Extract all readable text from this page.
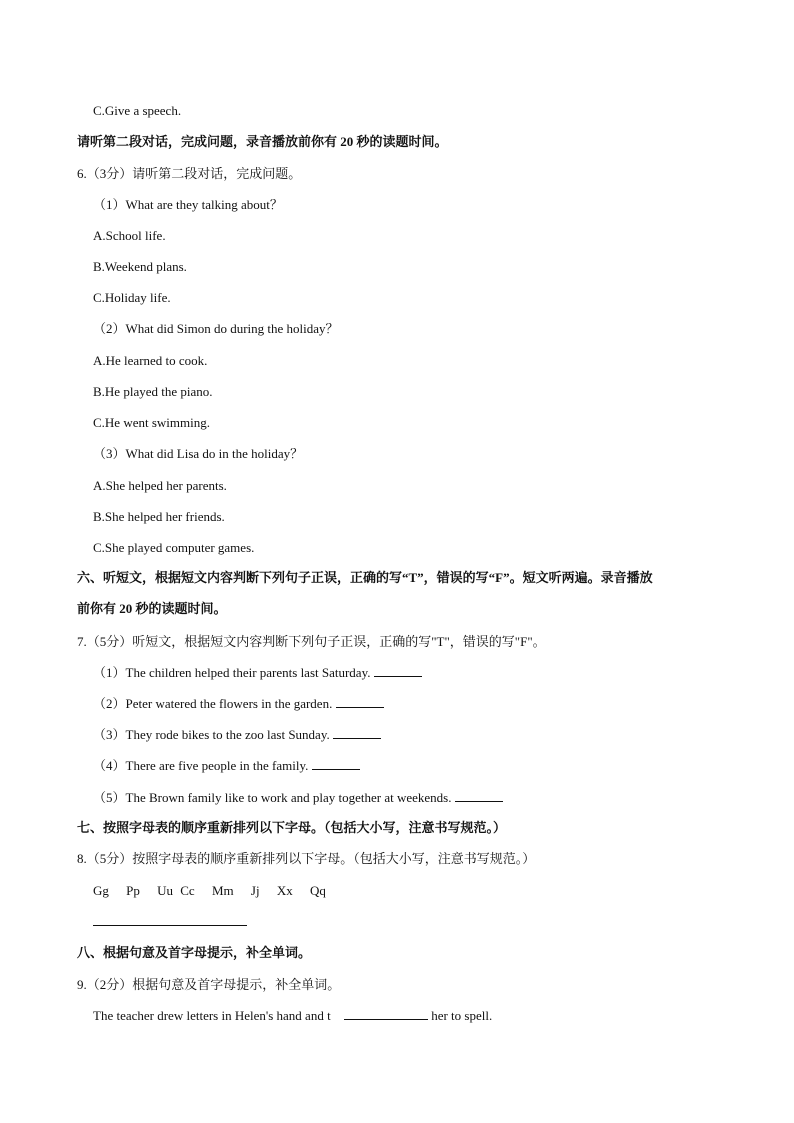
C.Give a speech.
请听第二段对话，完成问题，录音播放前你有 20 秒的读题时间。
6.（3分）请听第二段对话，完成问题。
（1）What are they talking about？
A.School life.
B.Weekend plans.
C.Holiday life.
（2）What did Simon do during the holiday？
A.He learned to cook.
B.He played the piano.
C.He went swimming.
（3）What did Lisa do in the holiday？
A.She helped her parents.
B.She helped her friends.
C.She played computer games.
六、听短文，根据短文内容判断下列句子正误，正确的写“T”，错误的写“F”。短文听两遍。录音播放
前你有 20 秒的读题时间。
7.（5分）听短文，根据短文内容判断下列句子正误，正确的写"T"，错误的写"F"。
（1）The children helped their parents last Saturday.
（2）Peter watered the flowers in the garden.
（3）They rode bikes to the zoo last Sunday.
（4）There are five people in the family.
（5）The Brown family like to work and play together at weekends.
七、按照字母表的顺序重新排列以下字母。（包括大小写，注意书写规范。）
8.（5分）按照字母表的顺序重新排列以下字母。（包括大小写，注意书写规范。）
Gg Pp Uu Cc Mm Jj Xx Qq
八、根据句意及首字母提示，补全单词。
9.（2分）根据句意及首字母提示，补全单词。
The teacher drew letters in Helen's hand and t	her to spell.
